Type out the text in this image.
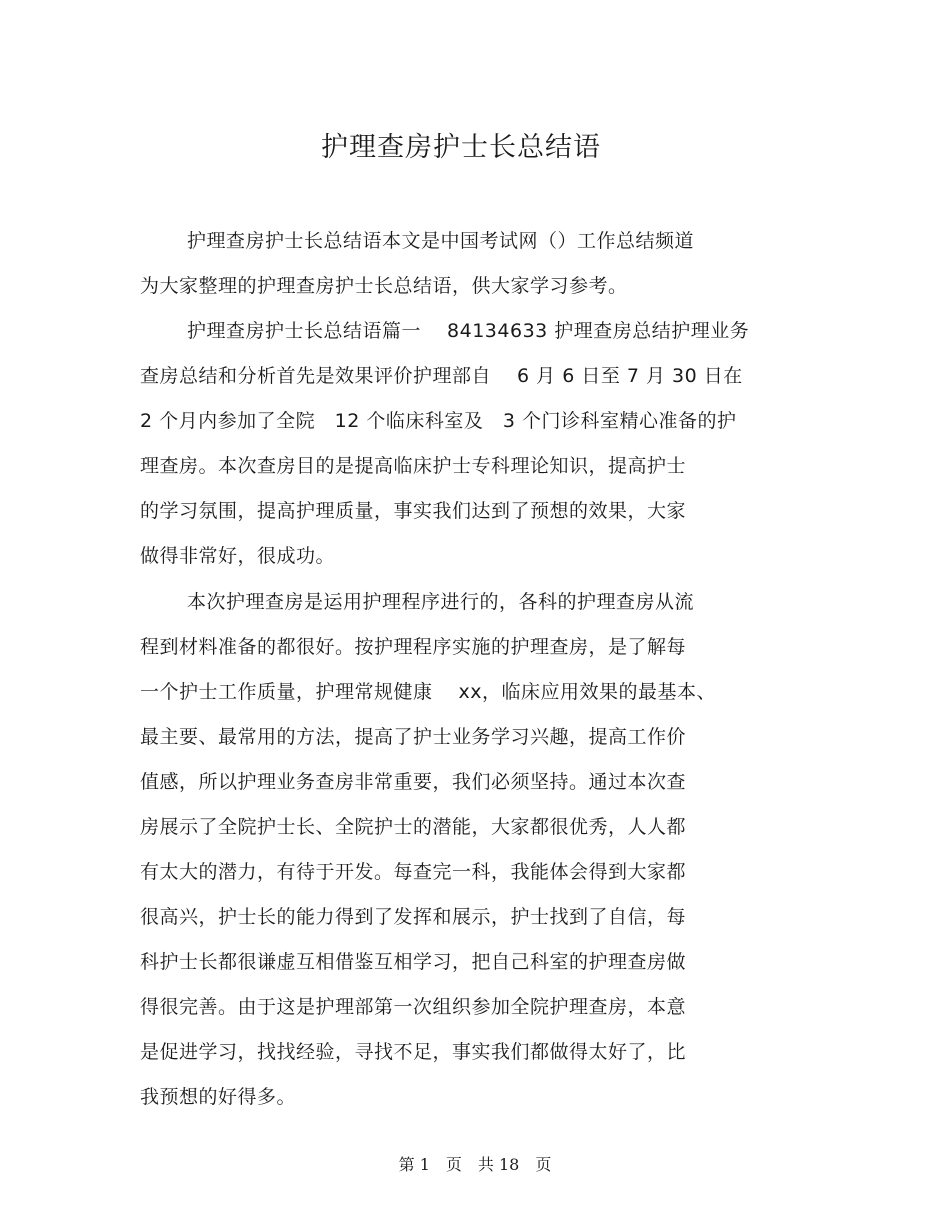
护理查房护士长总结语
护理查房护士长总结语本文是中国考试网（）工作总结频道
为大家整理的护理查房护士长总结语，供大家学习参考。
护理查房护士长总结语篇一　 84134633 护理查房总结护理业务
查房总结和分析首先是效果评价护理部自　 6 月 6 日至 7 月 30 日在
2 个月内参加了全院　12 个临床科室及　3 个门诊科室精心准备的护
理查房。本次查房目的是提高临床护士专科理论知识，提高护士
的学习氛围，提高护理质量，事实我们达到了预想的效果，大家
做得非常好，很成功。
本次护理查房是运用护理程序进行的，各科的护理查房从流
程到材料准备的都很好。按护理程序实施的护理查房，是了解每
一个护士工作质量，护理常规健康　 xx，临床应用效果的最基本、
最主要、最常用的方法，提高了护士业务学习兴趣，提高工作价
值感，所以护理业务查房非常重要，我们必须坚持。通过本次查
房展示了全院护士长、全院护士的潜能，大家都很优秀，人人都
有太大的潜力，有待于开发。每查完一科，我能体会得到大家都
很高兴，护士长的能力得到了发挥和展示，护士找到了自信，每
科护士长都很谦虚互相借鉴互相学习，把自己科室的护理查房做
得很完善。由于这是护理部第一次组织参加全院护理查房，本意
是促进学习，找找经验，寻找不足，事实我们都做得太好了，比
我预想的好得多。
第 1　页　共 18　页
